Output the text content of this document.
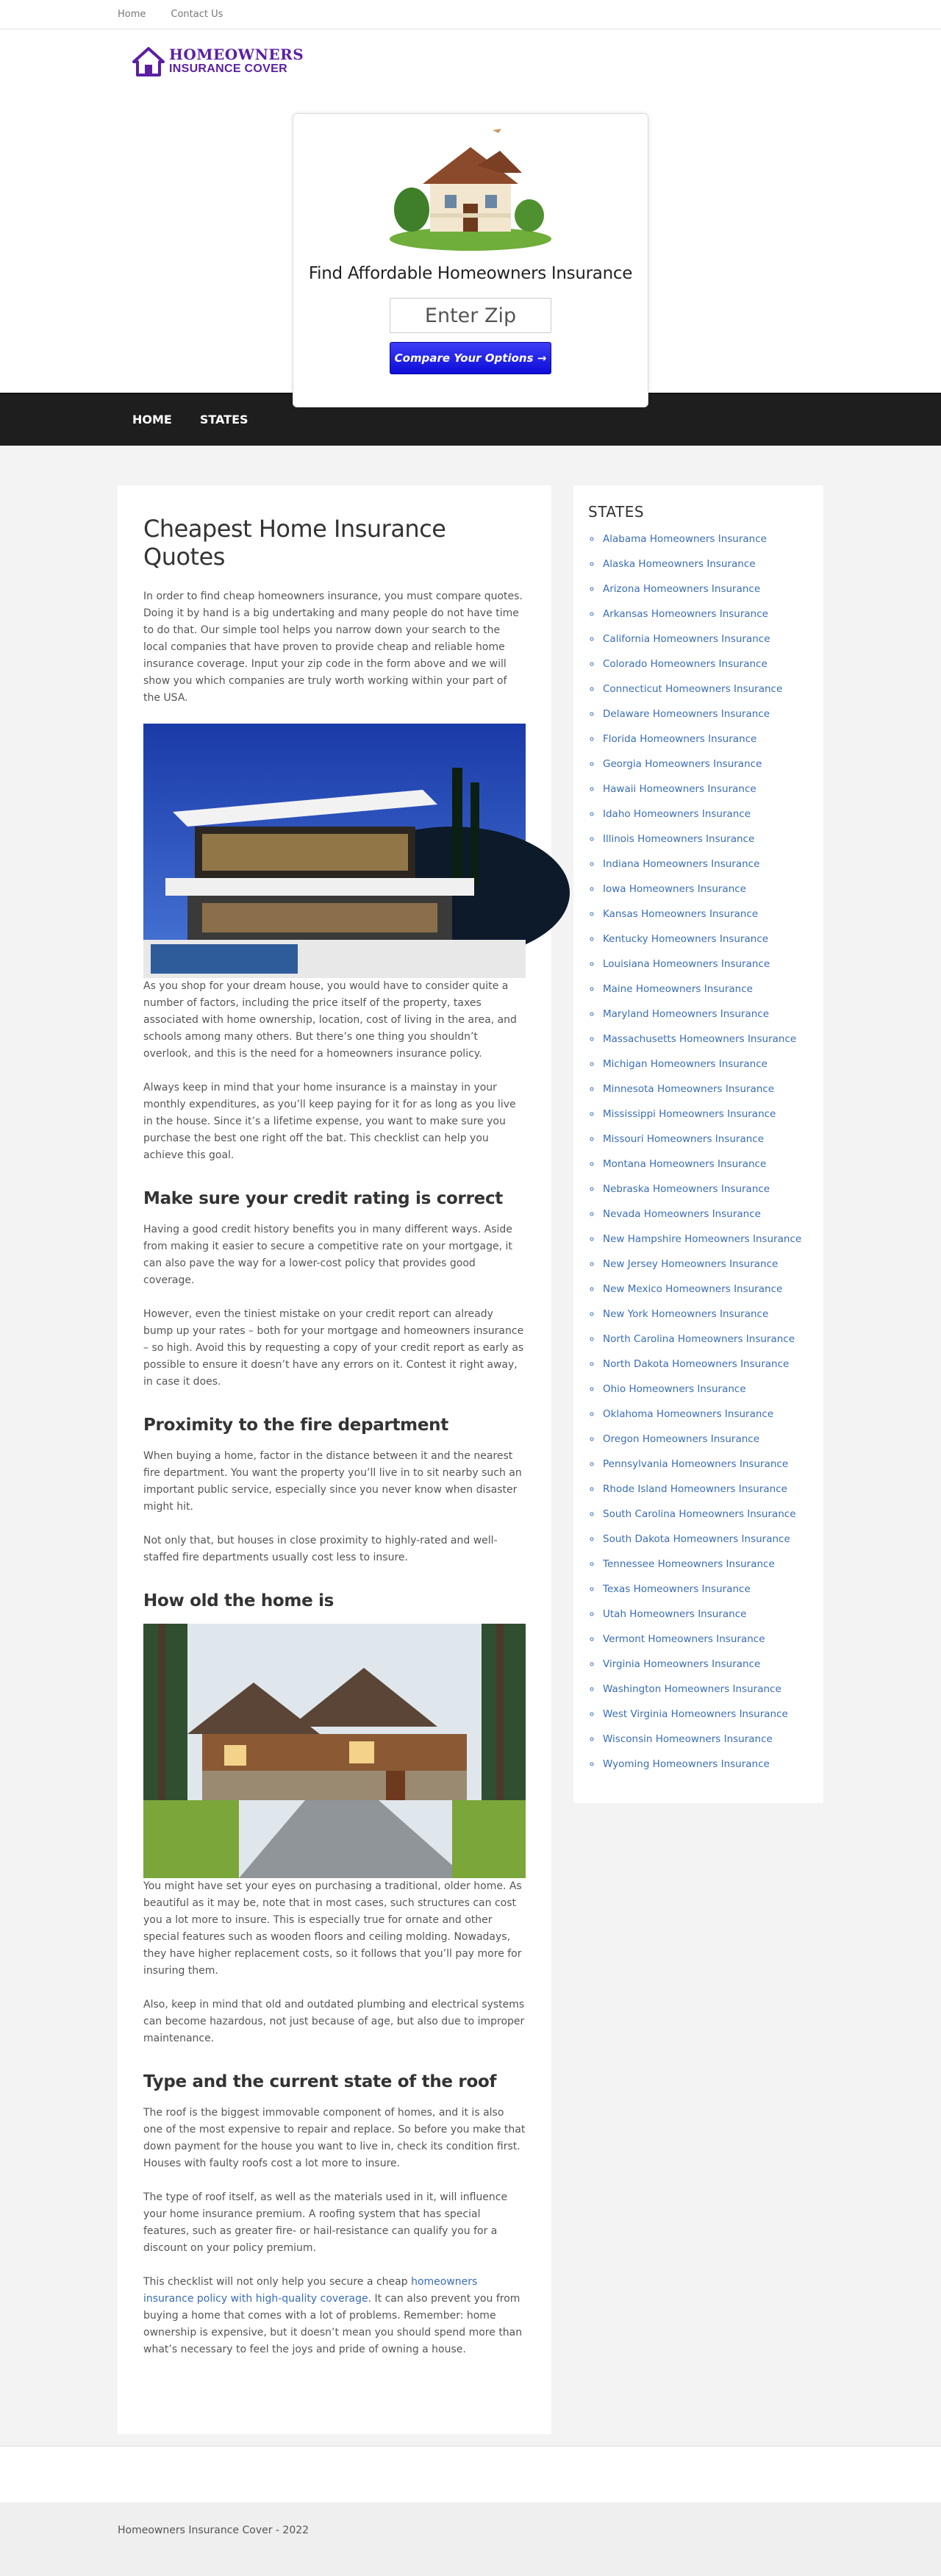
Home	Contact Us
HOMEOWNERS
INSURANCE COVER
Find Affordable Homeowners Insurance
Enter Zip
Compare Your Options →
HOME STATES
Cheapest Home Insurance Quotes

In order to find cheap homeowners insurance, you must compare quotes. Doing it by hand is a big undertaking and many people do not have time to do that. Our simple tool helps you narrow down your search to the local companies that have proven to provide cheap and reliable home insurance coverage. Input your zip code in the form above and we will show you which companies are truly worth working within your part of the USA.

As you shop for your dream house, you would have to consider quite a number of factors, including the price itself of the property, taxes associated with home ownership, location, cost of living in the area, and schools among many others. But there’s one thing you shouldn’t overlook, and this is the need for a homeowners insurance policy.

Always keep in mind that your home insurance is a mainstay in your monthly expenditures, as you’ll keep paying for it for as long as you live in the house. Since it’s a lifetime expense, you want to make sure you purchase the best one right off the bat. This checklist can help you achieve this goal.

Make sure your credit rating is correct

Having a good credit history benefits you in many different ways. Aside from making it easier to secure a competitive rate on your mortgage, it can also pave the way for a lower-cost policy that provides good coverage.

However, even the tiniest mistake on your credit report can already bump up your rates – both for your mortgage and homeowners insurance – so high. Avoid this by requesting a copy of your credit report as early as possible to ensure it doesn’t have any errors on it. Contest it right away, in case it does.

Proximity to the fire department

When buying a home, factor in the distance between it and the nearest fire department. You want the property you’ll live in to sit nearby such an important public service, especially since you never know when disaster might hit.

Not only that, but houses in close proximity to highly-rated and well-staffed fire departments usually cost less to insure.

How old the home is

You might have set your eyes on purchasing a traditional, older home. As beautiful as it may be, note that in most cases, such structures can cost you a lot more to insure. This is especially true for ornate and other special features such as wooden floors and ceiling molding. Nowadays, they have higher replacement costs, so it follows that you’ll pay more for insuring them.

Also, keep in mind that old and outdated plumbing and electrical systems can become hazardous, not just because of age, but also due to improper maintenance.

Type and the current state of the roof

The roof is the biggest immovable component of homes, and it is also one of the most expensive to repair and replace. So before you make that down payment for the house you want to live in, check its condition first. Houses with faulty roofs cost a lot more to insure.

The type of roof itself, as well as the materials used in it, will influence your home insurance premium. A roofing system that has special features, such as greater fire- or hail-resistance can qualify you for a discount on your policy premium.

This checklist will not only help you secure a cheap homeowners insurance policy with high-quality coverage. It can also prevent you from buying a home that comes with a lot of problems. Remember: home ownership is expensive, but it doesn’t mean you should spend more than what’s necessary to feel the joys and pride of owning a house.

STATES
◦ Alabama Homeowners Insurance
◦ Alaska Homeowners Insurance
◦ Arizona Homeowners Insurance
◦ Arkansas Homeowners Insurance
◦ California Homeowners Insurance
◦ Colorado Homeowners Insurance
◦ Connecticut Homeowners Insurance
◦ Delaware Homeowners Insurance
◦ Florida Homeowners Insurance
◦ Georgia Homeowners Insurance
◦ Hawaii Homeowners Insurance
◦ Idaho Homeowners Insurance
◦ Illinois Homeowners Insurance
◦ Indiana Homeowners Insurance
◦ Iowa Homeowners Insurance
◦ Kansas Homeowners Insurance
◦ Kentucky Homeowners Insurance
◦ Louisiana Homeowners Insurance
◦ Maine Homeowners Insurance
◦ Maryland Homeowners Insurance
◦ Massachusetts Homeowners Insurance
◦ Michigan Homeowners Insurance
◦ Minnesota Homeowners Insurance
◦ Mississippi Homeowners Insurance
◦ Missouri Homeowners Insurance
◦ Montana Homeowners Insurance
◦ Nebraska Homeowners Insurance
◦ Nevada Homeowners Insurance
◦ New Hampshire Homeowners Insurance
◦ New Jersey Homeowners Insurance
◦ New Mexico Homeowners Insurance
◦ New York Homeowners Insurance
◦ North Carolina Homeowners Insurance
◦ North Dakota Homeowners Insurance
◦ Ohio Homeowners Insurance
◦ Oklahoma Homeowners Insurance
◦ Oregon Homeowners Insurance
◦ Pennsylvania Homeowners Insurance
◦ Rhode Island Homeowners Insurance
◦ South Carolina Homeowners Insurance
◦ South Dakota Homeowners Insurance
◦ Tennessee Homeowners Insurance
◦ Texas Homeowners Insurance
◦ Utah Homeowners Insurance
◦ Vermont Homeowners Insurance
◦ Virginia Homeowners Insurance
◦ Washington Homeowners Insurance
◦ West Virginia Homeowners Insurance
◦ Wisconsin Homeowners Insurance
◦ Wyoming Homeowners Insurance
Homeowners Insurance Cover - 2022
